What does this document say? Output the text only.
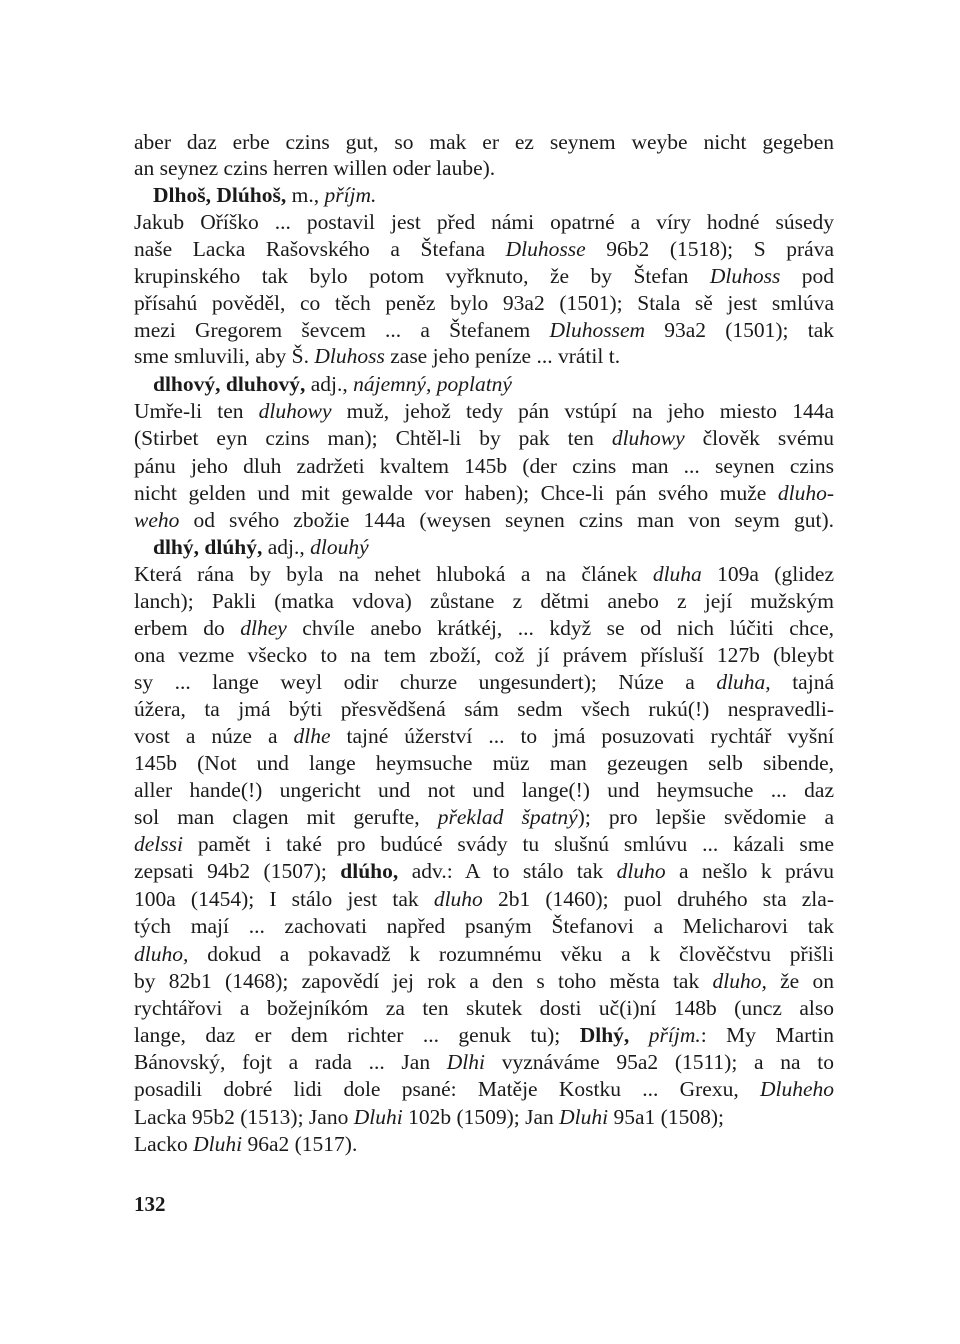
aber daz erbe czins gut, so mak er ez seynem weybe nicht gegeben
an seynez czins herren willen oder laube).
Dlhoš, Dlúhoš, m., příjm.
Jakub Oříško ... postavil jest před námi opatrné a víry hodné súsedy
naše Lacka Rašovského a Štefana Dluhosse 96b2 (1518); S práva
krupinského tak bylo potom vyřknuto, že by Štefan Dluhoss pod
přísahú pověděl, co těch peněz bylo 93a2 (1501); Stala sě jest smlúva
mezi Gregorem ševcem ... a Štefanem Dluhossem 93a2 (1501); tak
sme smluvili, aby Š. Dluhoss zase jeho peníze ... vrátil t.
dlhový, dluhový, adj., nájemný, poplatný
Umře-li ten dluhowy muž, jehož tedy pán vstúpí na jeho miesto 144a
(Stirbet eyn czins man); Chtěl-li by pak ten dluhowy člověk svému
pánu jeho dluh zadržeti kvaltem 145b (der czins man ... seynen czins
nicht gelden und mit gewalde vor haben); Chce-li pán svého muže dluho-
weho od svého zbožie 144a (weysen seynen czins man von seym gut).
dlhý, dlúhý, adj., dlouhý
Která rána by byla na nehet hluboká a na článek dluha 109a (glidez
lanch); Pakli (matka vdova) zůstane z dětmi anebo z její mužským
erbem do dlhey chvíle anebo krátkéj, ... když se od nich lúčiti chce,
ona vezme všecko to na tem zboží, což jí právem přísluší 127b (bleybt
sy ... lange weyl odir churze ungesundert); Núze a dluha, tajná
úžera, ta jmá býti přesvědšená sám sedm všech rukú(!) nespravedli-
vost a núze a dlhe tajné úžerství ... to jmá posuzovati rychtář vyšní
145b (Not und lange heymsuche müz man gezeugen selb sibende,
aller hande(!) ungericht und not und lange(!) und heymsuche ... daz
sol man clagen mit gerufte, překlad špatný); pro lepšie svědomie a
delssi pamět i také pro budúcé svády tu slušnú smlúvu ... kázali sme
zepsati 94b2 (1507); dlúho, adv.: A to stálo tak dluho a nešlo k právu
100a (1454); I stálo jest tak dluho 2b1 (1460); puol druhého sta zla-
tých mají ... zachovati napřed psaným Štefanovi a Melicharovi tak
dluho, dokud a pokavadž k rozumnému věku a k člověčstvu přišli
by 82b1 (1468); zapovědí jej rok a den s toho města tak dluho, že on
rychtářovi a božejníkóm za ten skutek dosti uč(i)ní 148b (uncz also
lange, daz er dem richter ... genuk tu); Dlhý, příjm.: My Martin
Bánovský, fojt a rada ... Jan Dlhi vyznáváme 95a2 (1511); a na to
posadili dobré lidi dole psané: Matěje Kostku ... Grexu, Dluheho
Lacka 95b2 (1513); Jano Dluhi 102b (1509); Jan Dluhi 95a1 (1508);
Lacko Dluhi 96a2 (1517).
132
